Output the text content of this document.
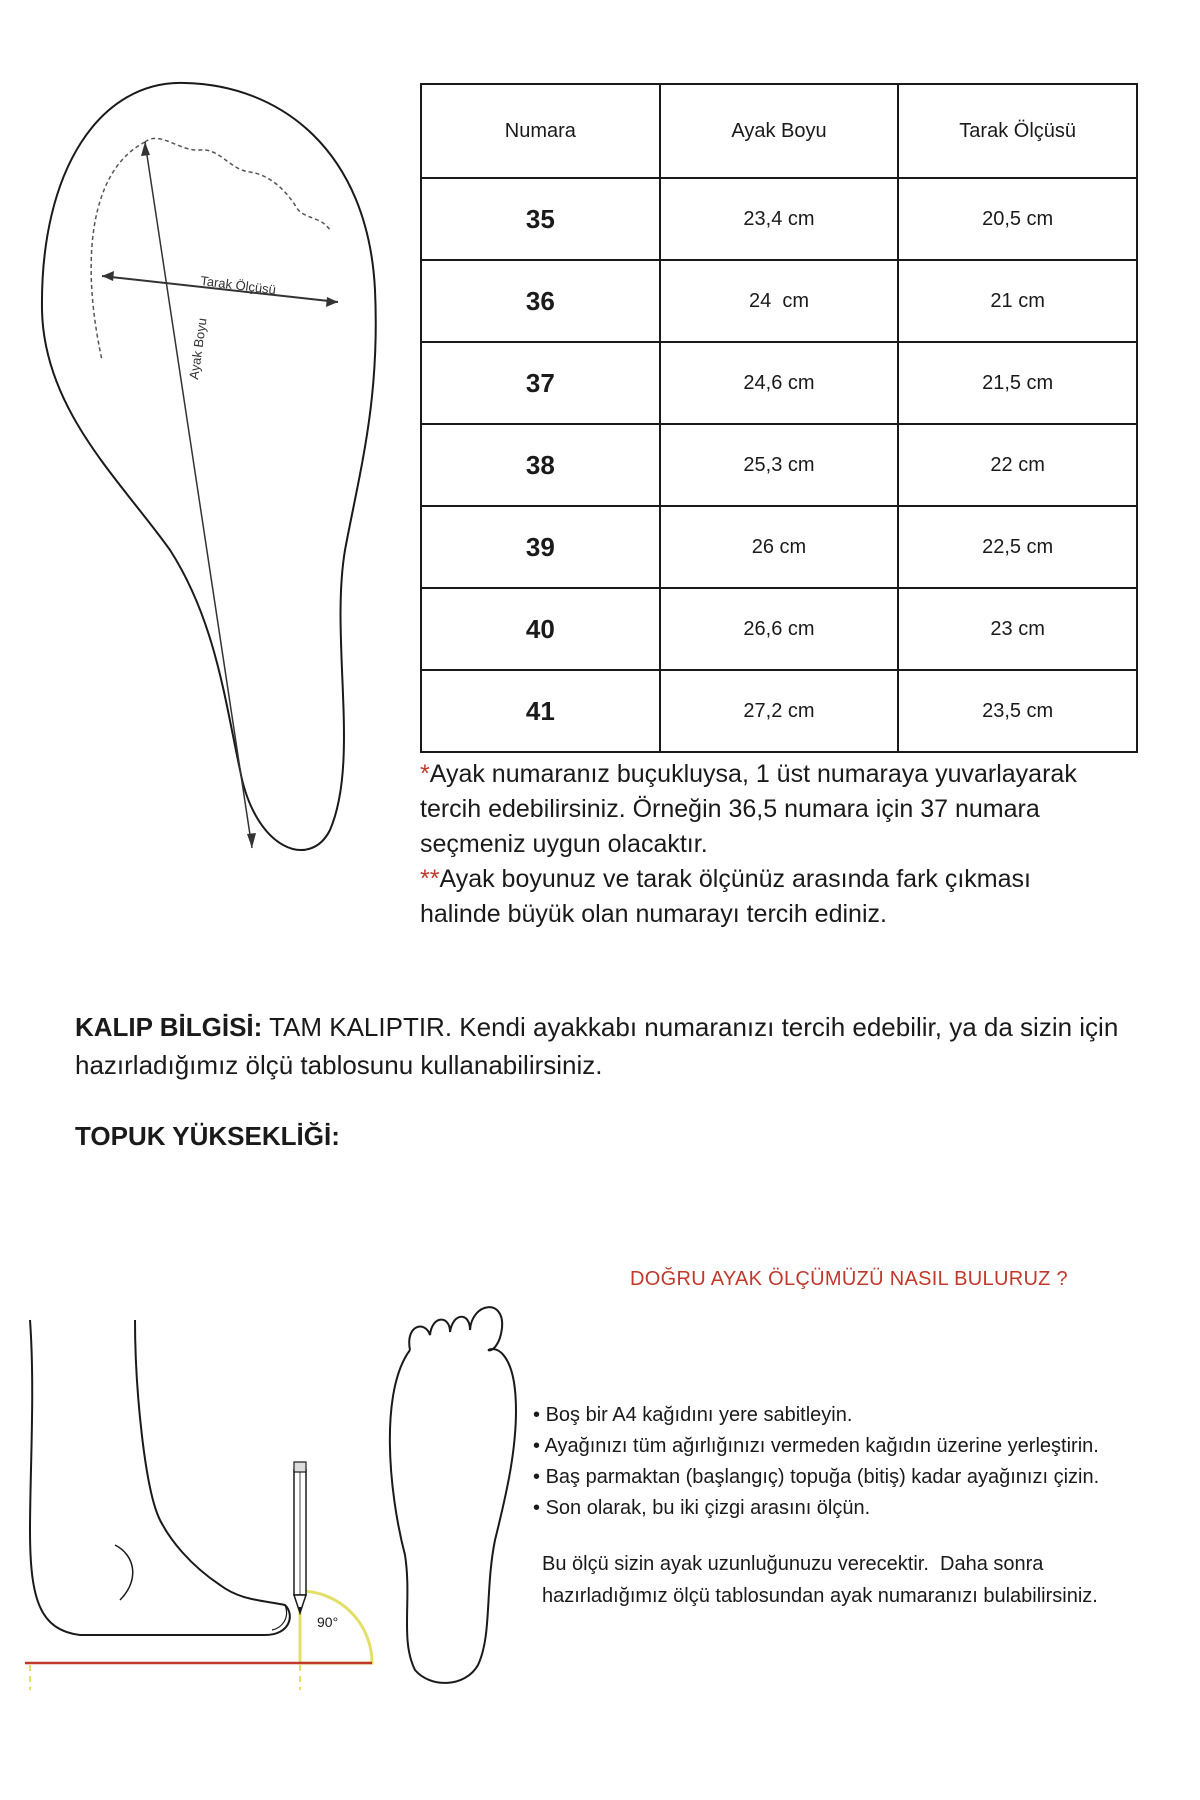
Tarak Ölçüsü
Ayak Boyu
Numara	Ayak Boyu	Tarak Ölçüsü
35	23,4 cm	20,5 cm
36	24  cm	21 cm
37	24,6 cm	21,5 cm
38	25,3 cm	22 cm
39	26 cm	22,5 cm
40	26,6 cm	23 cm
41	27,2 cm	23,5 cm
*Ayak numaranız buçukluysa, 1 üst numaraya yuvarlayarak
tercih edebilirsiniz. Örneğin 36,5 numara için 37 numara
seçmeniz uygun olacaktır.
**Ayak boyunuz ve tarak ölçünüz arasında fark çıkması
halinde büyük olan numarayı tercih ediniz.
KALIP BİLGİSİ: TAM KALIPTIR. Kendi ayakkabı numaranızı tercih edebilir, ya da sizin için hazırladığımız ölçü tablosunu kullanabilirsiniz.
TOPUK YÜKSEKLİĞİ:
DOĞRU AYAK ÖLÇÜMÜZÜ NASIL BULURUZ ?
90°
• Boş bir A4 kağıdını yere sabitleyin.
• Ayağınızı tüm ağırlığınızı vermeden kağıdın üzerine yerleştirin.
• Baş parmaktan (başlangıç) topuğa (bitiş) kadar ayağınızı çizin.
• Son olarak, bu iki çizgi arasını ölçün.
Bu ölçü sizin ayak uzunluğunuzu verecektir.  Daha sonra
hazırladığımız ölçü tablosundan ayak numaranızı bulabilirsiniz.
